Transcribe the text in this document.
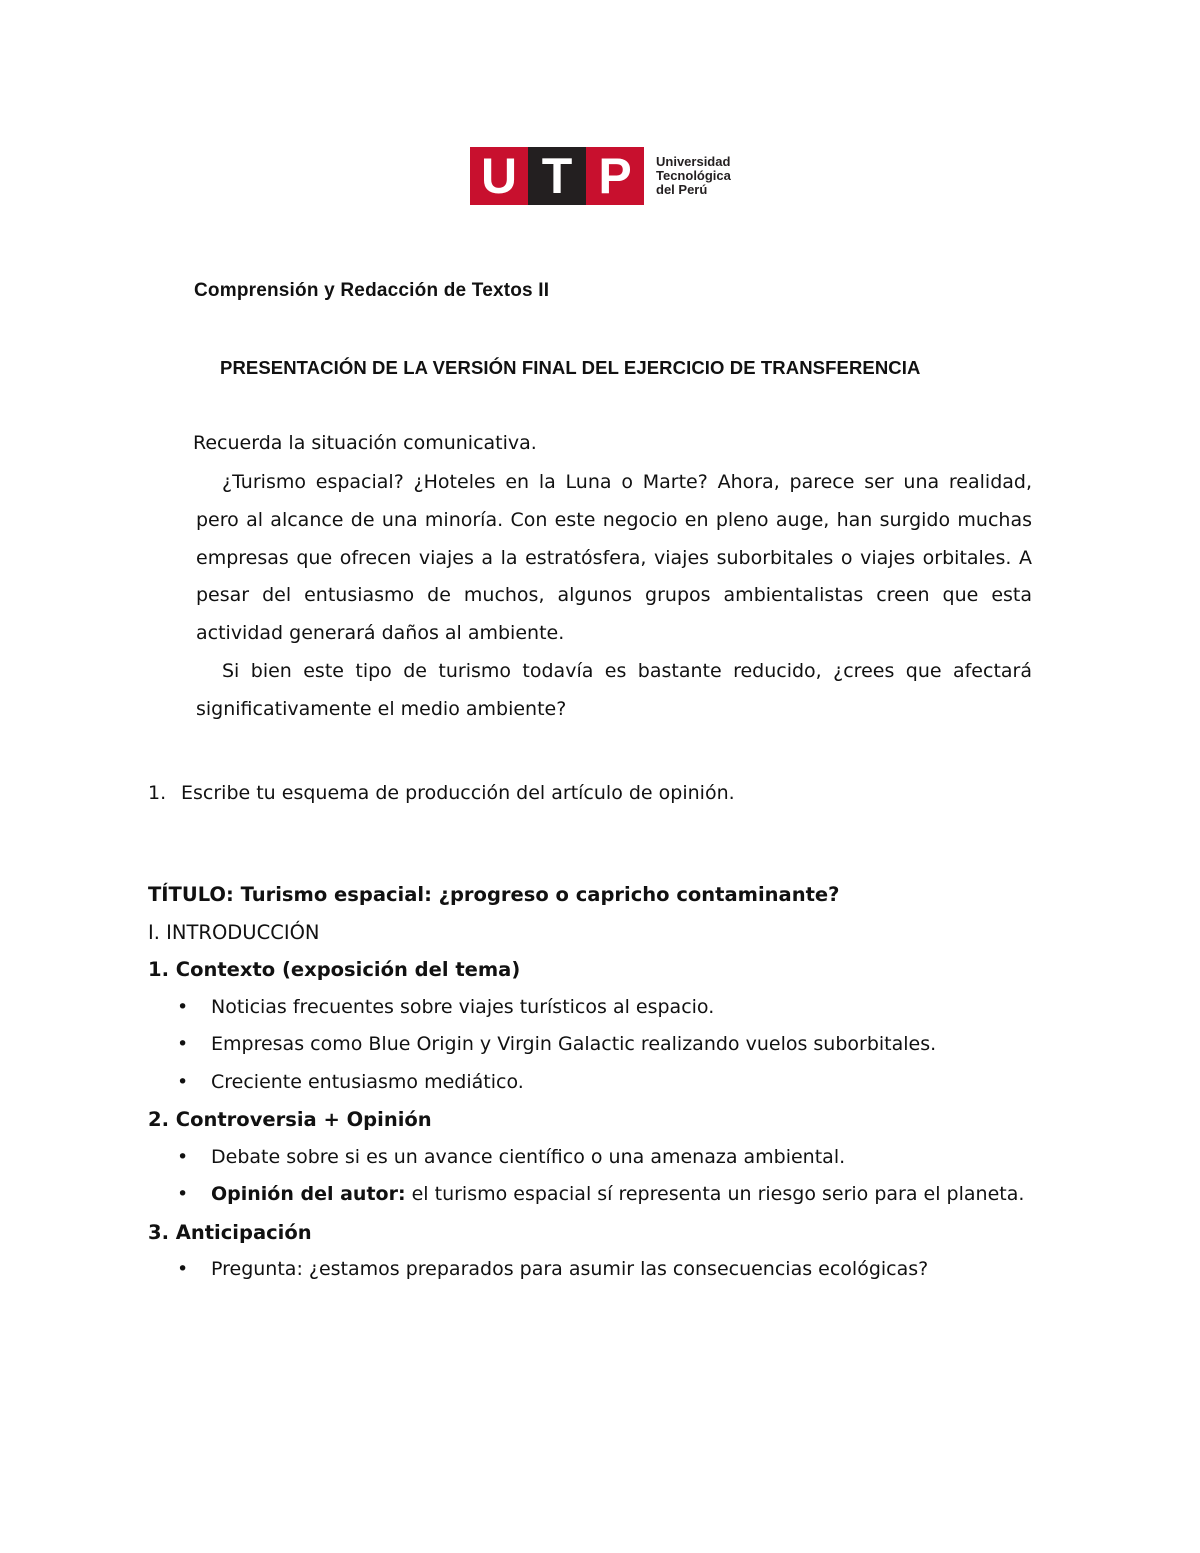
U T P	Universidad
Tecnológica
del Perú
Comprensión y Redacción de Textos II
PRESENTACIÓN DE LA VERSIÓN FINAL DEL EJERCICIO DE TRANSFERENCIA
Recuerda la situación comunicativa.

¿Turismo espacial? ¿Hoteles en la Luna o Marte? Ahora, parece ser una realidad, pero al alcance de una minoría. Con este negocio en pleno auge, han surgido muchas empresas que ofrecen viajes a la estratósfera, viajes suborbitales o viajes orbitales. A pesar del entusiasmo de muchos, algunos grupos ambientalistas creen que esta actividad generará daños al ambiente.

Si bien este tipo de turismo todavía es bastante reducido, ¿crees que afectará significativamente el medio ambiente?

1. Escribe tu esquema de producción del artículo de opinión.
TÍTULO: Turismo espacial: ¿progreso o capricho contaminante?
I. INTRODUCCIÓN
1. Contexto (exposición del tema)
• Noticias frecuentes sobre viajes turísticos al espacio.
• Empresas como Blue Origin y Virgin Galactic realizando vuelos suborbitales.
• Creciente entusiasmo mediático.
2. Controversia + Opinión
• Debate sobre si es un avance científico o una amenaza ambiental.
• Opinión del autor: el turismo espacial sí representa un riesgo serio para el planeta.
3. Anticipación
• Pregunta: ¿estamos preparados para asumir las consecuencias ecológicas?
